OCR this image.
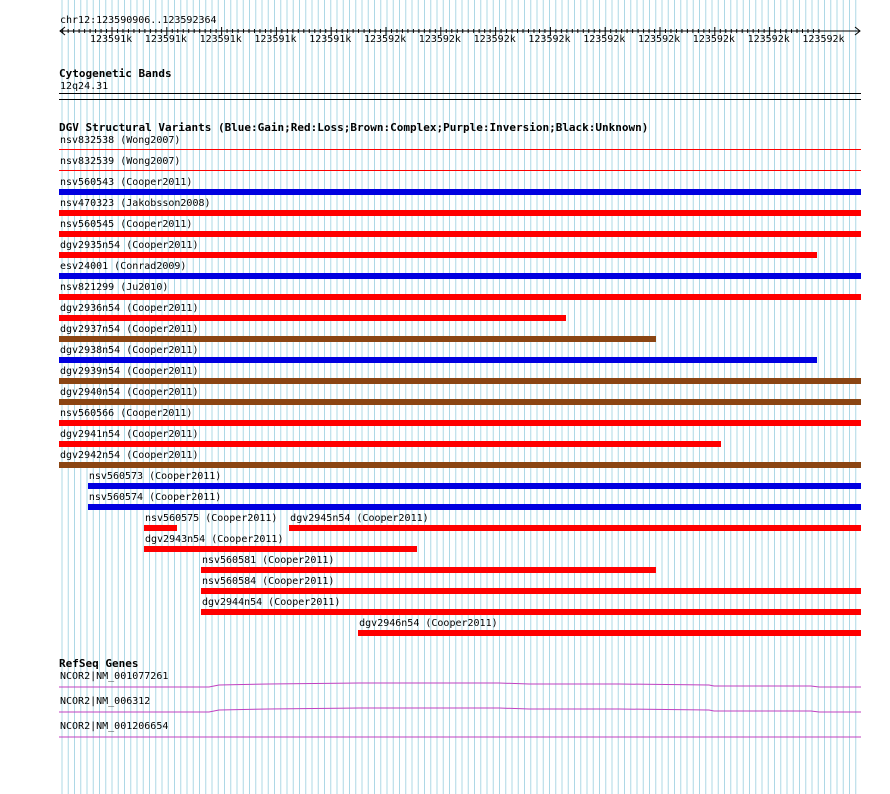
chr12:123590906..123592364
123591k 123591k 123591k 123591k 123591k 123592k 123592k 123592k 123592k 123592k 123592k 123592k 123592k 123592k
Cytogenetic Bands
12q24.31
DGV Structural Variants (Blue:Gain;Red:Loss;Brown:Complex;Purple:Inversion;Black:Unknown)
nsv832538 (Wong2007)
nsv832539 (Wong2007)
nsv560543 (Cooper2011)
nsv470323 (Jakobsson2008)
nsv560545 (Cooper2011)
dgv2935n54 (Cooper2011)
esv24001 (Conrad2009)
nsv821299 (Ju2010)
dgv2936n54 (Cooper2011)
dgv2937n54 (Cooper2011)
dgv2938n54 (Cooper2011)
dgv2939n54 (Cooper2011)
dgv2940n54 (Cooper2011)
nsv560566 (Cooper2011)
dgv2941n54 (Cooper2011)
dgv2942n54 (Cooper2011)
nsv560573 (Cooper2011)
nsv560574 (Cooper2011)
nsv560575 (Cooper2011)
dgv2943n54 (Cooper2011)
nsv560581 (Cooper2011)
nsv560584 (Cooper2011)
dgv2944n54 (Cooper2011)
dgv2945n54 (Cooper2011)
dgv2946n54 (Cooper2011)
RefSeq Genes
NCOR2|NM_001077261
NCOR2|NM_006312
NCOR2|NM_001206654
